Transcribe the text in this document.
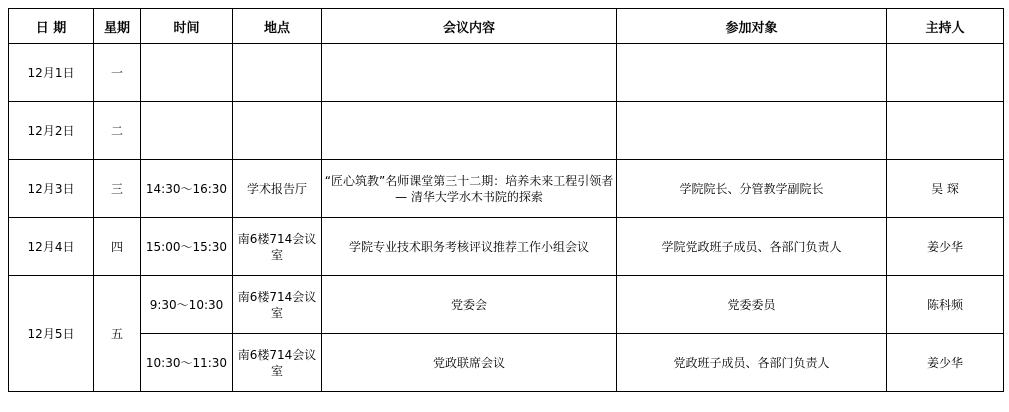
日 期	星期	时间	地点	会议内容	参加对象	主持人
12月1日	一					
12月2日	二					
12月3日	三	14:30～16:30	学术报告厅	“匠心筑教”名师课堂第三十二期：培养未来工程引领者 — 清华大学水木书院的探索	学院院长、分管教学副院长	吴 琛
12月4日	四	15:00～15:30	南6楼714会议室	学院专业技术职务考核评议推荐工作小组会议	学院党政班子成员、各部门负责人	姜少华
12月5日	五	9:30～10:30	南6楼714会议室	党委会	党委委员	陈科频
		10:30～11:30	南6楼714会议室	党政联席会议	党政班子成员、各部门负责人	姜少华
